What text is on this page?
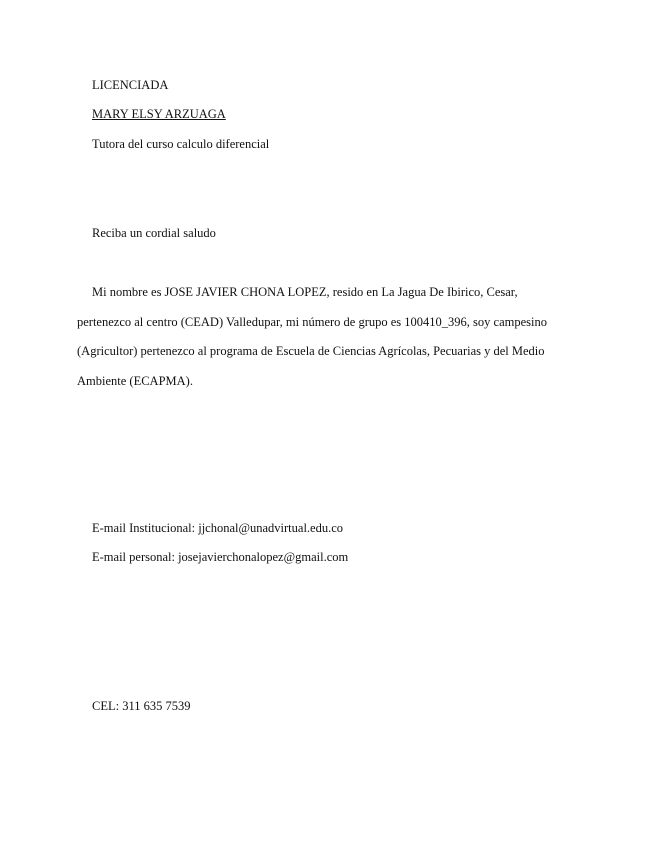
LICENCIADA
MARY ELSY ARZUAGA
Tutora del curso calculo diferencial
Reciba un cordial saludo
Mi nombre es JOSE JAVIER CHONA LOPEZ, resido en La Jagua De Ibirico, Cesar,
pertenezco al centro (CEAD) Valledupar, mi número de grupo es 100410_396, soy campesino
(Agricultor) pertenezco al programa de Escuela de Ciencias Agrícolas, Pecuarias y del Medio
Ambiente (ECAPMA).
E-mail Institucional: jjchonal@unadvirtual.edu.co
E-mail personal: josejavierchonalopez@gmail.com
CEL: 311 635 7539
